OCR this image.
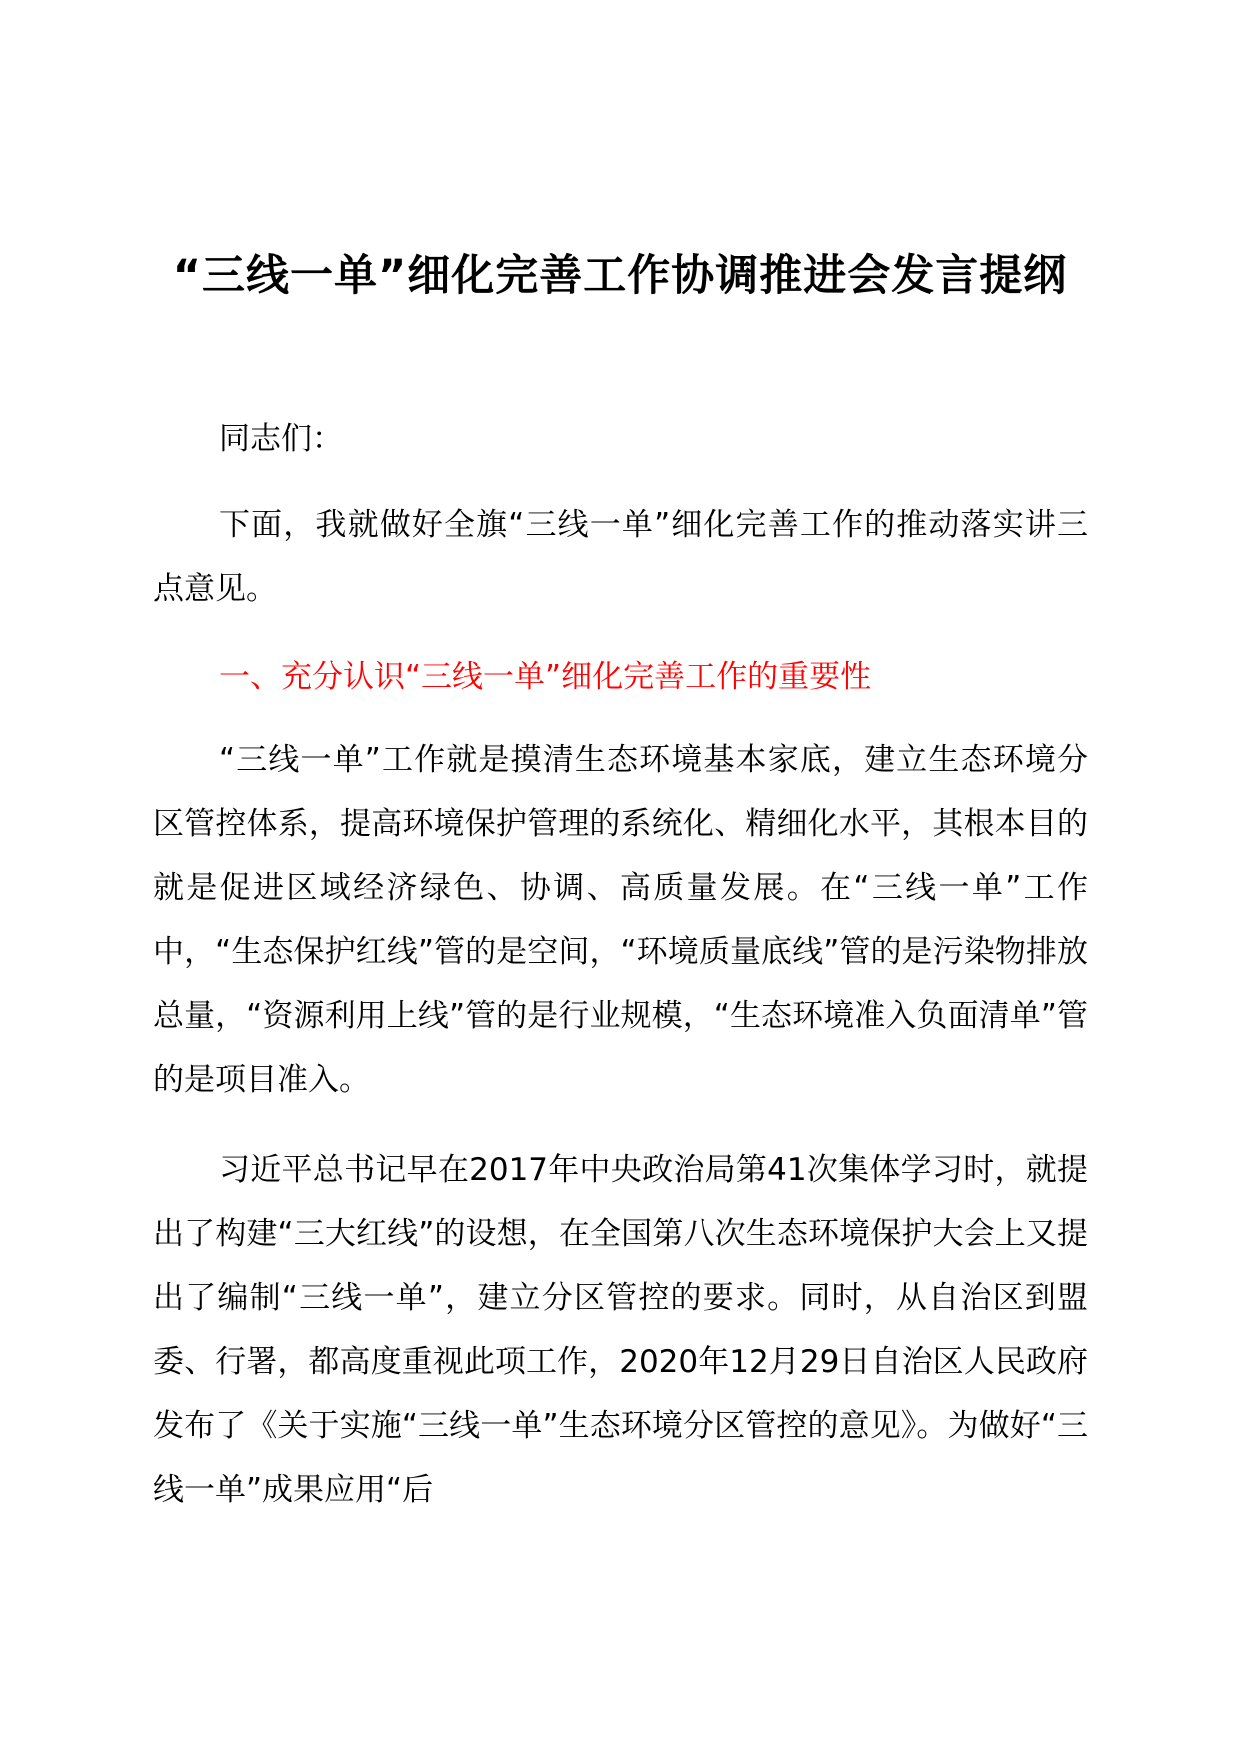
“三线一单”细化完善工作协调推进会发言提纲
同志们：
下面，我就做好全旗“三线一单”细化完善工作的推动落实讲三点意见。
一、充分认识“三线一单”细化完善工作的重要性
“三线一单”工作就是摸清生态环境基本家底，建立生态环境分区管控体系，提高环境保护管理的系统化、精细化水平，其根本目的就是促进区域经济绿色、协调、高质量发展。在“三线一单”工作中，“生态保护红线”管的是空间，“环境质量底线”管的是污染物排放总量，“资源利用上线”管的是行业规模，“生态环境准入负面清单”管的是项目准入。
习近平总书记早在2017年中央政治局第41次集体学习时，就提出了构建“三大红线”的设想，在全国第八次生态环境保护大会上又提出了编制“三线一单”，建立分区管控的要求。同时，从自治区到盟委、行署，都高度重视此项工作，2020年12月29日自治区人民政府发布了《关于实施“三线一单”生态环境分区管控的意见》。为做好“三线一单”成果应用“后
